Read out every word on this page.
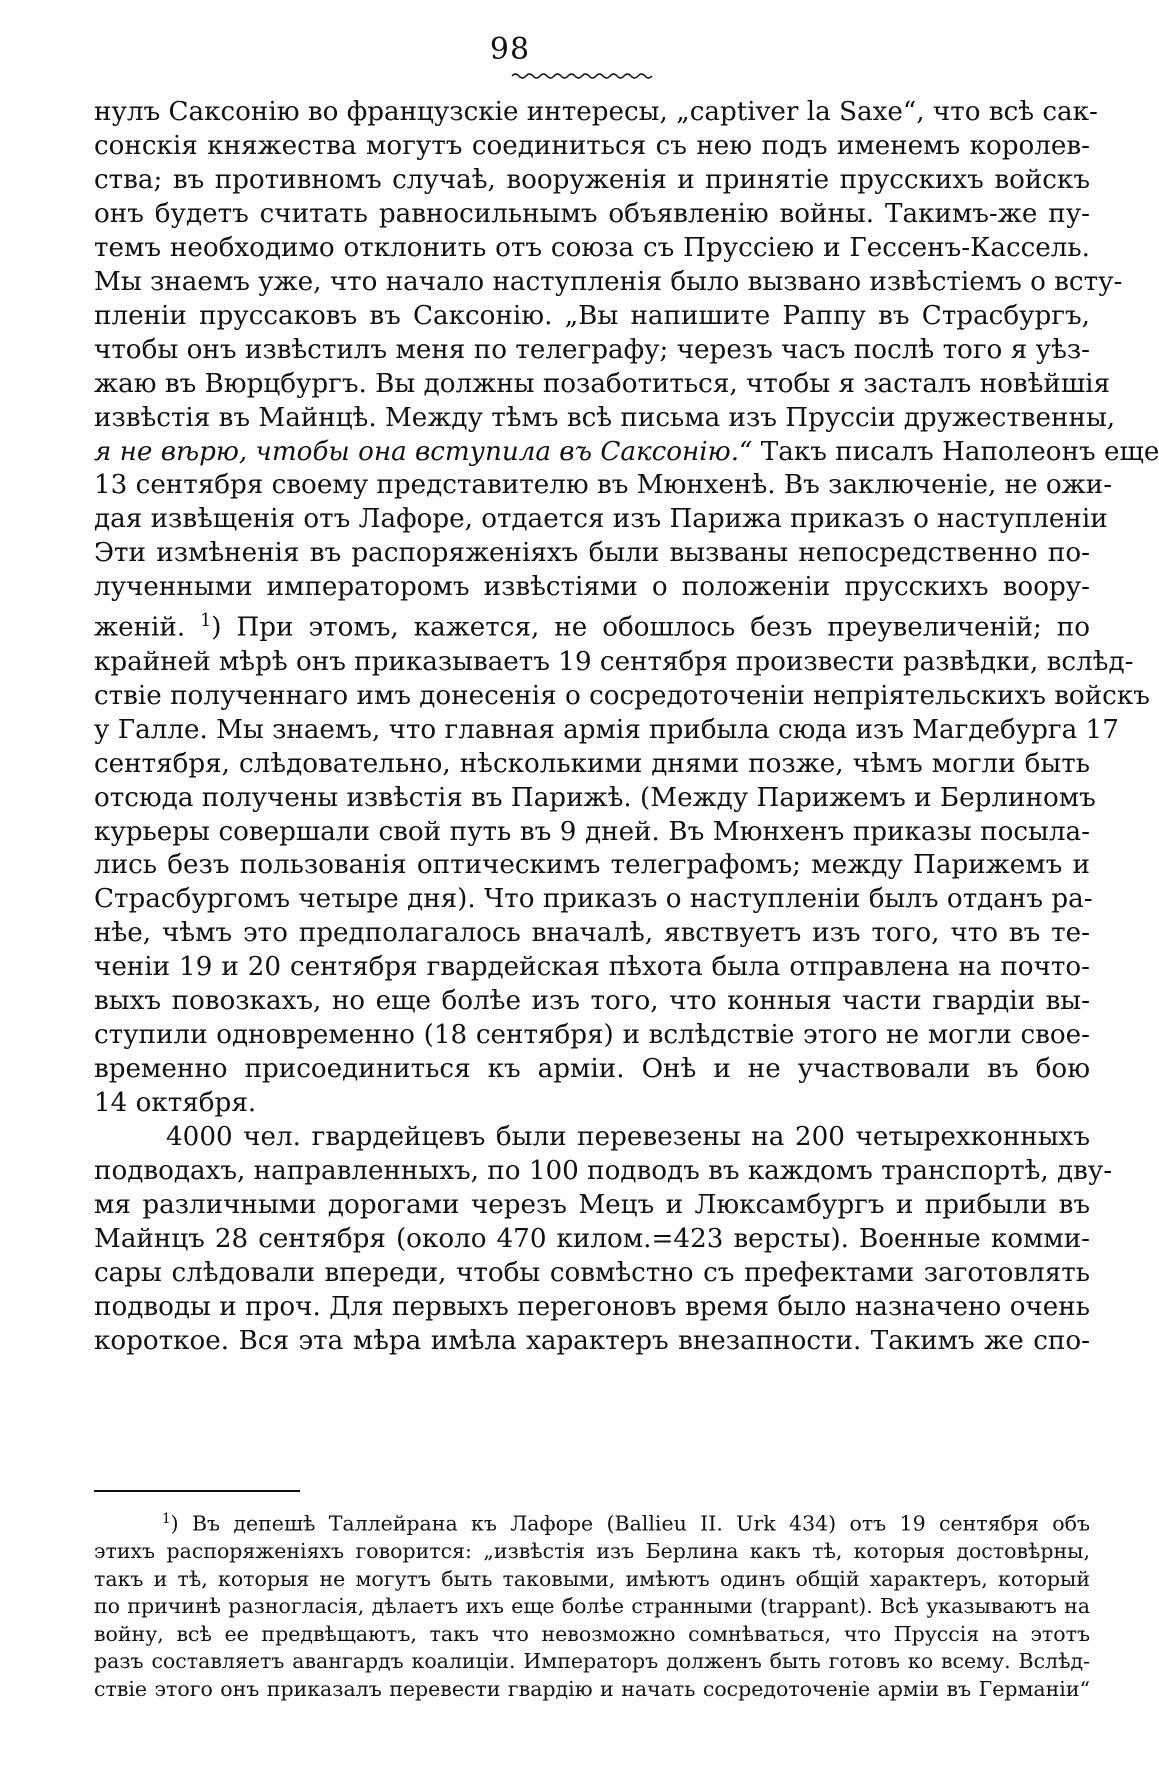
98
нулъ Саксонію во французскіе интересы, „captiver la Saxe“, что всѣ сак-
сонскія княжества могутъ соединиться съ нею подъ именемъ королев-
ства; въ противномъ случаѣ, вооруженія и принятіе прусскихъ войскъ
онъ будетъ считать равносильнымъ объявленію войны. Такимъ-же пу-
темъ необходимо отклонить отъ союза съ Пруссіею и Гессенъ-Кассель.
Мы знаемъ уже, что начало наступленія было вызвано извѣстіемъ о всту-
пленіи пруссаковъ въ Саксонію. „Вы напишите Раппу въ Страсбургъ,
чтобы онъ извѣстилъ меня по телеграфу; черезъ часъ послѣ того я уѣз-
жаю въ Вюрцбургъ. Вы должны позаботиться, чтобы я засталъ новѣйшія
извѣстія въ Майнцѣ. Между тѣмъ всѣ письма изъ Пруссіи дружественны,
я не вѣрю, чтобы она вступила въ Саксонію.“ Такъ писалъ Наполеонъ еще
13 сентября своему представителю въ Мюнхенѣ. Въ заключеніе, не ожи-
дая извѣщенія отъ Лафоре, отдается изъ Парижа приказъ о наступленіи
Эти измѣненія въ распоряженіяхъ были вызваны непосредственно по-
лученными императоромъ извѣстіями о положеніи прусскихъ воору-
женій. $^1$) При этомъ, кажется, не обошлось безъ преувеличеній; по
крайней мѣрѣ онъ приказываетъ 19 сентября произвести развѣдки, вслѣд-
ствіе полученнаго имъ донесенія о сосредоточеніи непріятельскихъ войскъ
у Галле. Мы знаемъ, что главная армія прибыла сюда изъ Магдебурга 17
сентября, слѣдовательно, нѣсколькими днями позже, чѣмъ могли быть
отсюда получены извѣстія въ Парижѣ. (Между Парижемъ и Берлиномъ
курьеры совершали свой путь въ 9 дней. Въ Мюнхенъ приказы посыла-
лись безъ пользованія оптическимъ телеграфомъ; между Парижемъ и
Страсбургомъ четыре дня). Что приказъ о наступленіи былъ отданъ ра-
нѣе, чѣмъ это предполагалось вначалѣ, явствуетъ изъ того, что въ те-
ченіи 19 и 20 сентября гвардейская пѣхота была отправлена на почто-
выхъ повозкахъ, но еще болѣе изъ того, что конныя части гвардіи вы-
ступили одновременно (18 сентября) и вслѣдствіе этого не могли свое-
временно присоединиться къ арміи. Онѣ и не участвовали въ бою
14 октября.
4000 чел. гвардейцевъ были перевезены на 200 четырехконныхъ
подводахъ, направленныхъ, по 100 подводъ въ каждомъ транспортѣ, дву-
мя различными дорогами черезъ Мецъ и Люксамбургъ и прибыли въ
Майнцъ 28 сентября (около 470 килом.=423 версты). Военные комми-
сары слѣдовали впереди, чтобы совмѣстно съ префектами заготовлять
подводы и проч. Для первыхъ перегоновъ время было назначено очень
короткое. Вся эта мѣра имѣла характеръ внезапности. Такимъ же спо-
$^1$) Въ депешѣ Таллейрана къ Лафоре (Ballieu II. Urk 434) отъ 19 сентября объ
этихъ распоряженіяхъ говорится: „извѣстія изъ Берлина какъ тѣ, которыя достовѣрны,
такъ и тѣ, которыя не могутъ быть таковыми, имѣютъ одинъ общій характеръ, который
по причинѣ разногласія, дѣлаетъ ихъ еще болѣе странными (trappant). Всѣ указываютъ на
войну, всѣ ее предвѣщаютъ, такъ что невозможно сомнѣваться, что Пруссія на этотъ
разъ составляетъ авангардъ коалиціи. Императоръ долженъ быть готовъ ко всему. Вслѣд-
ствіе этого онъ приказалъ перевести гвардію и начать сосредоточеніе арміи въ Германіи“
